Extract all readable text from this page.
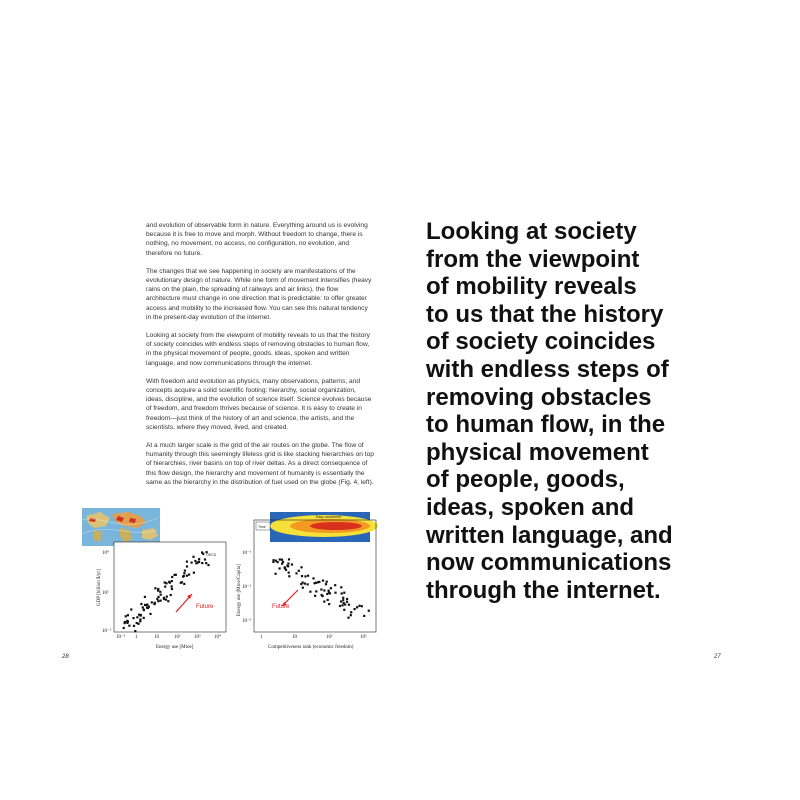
and evolution of observable form in nature. Everything around us is evolving because it is free to move and morph. Without freedom to change, there is nothing, no movement, no access, no configuration, no evolution, and therefore no future.

The changes that we see happening in society are manifestations of the evolutionary design of nature. While one form of movement intensifies (heavy rains on the plain, the spreading of railways and air links), the flow architecture must change in one direction that is predictable: to offer greater access and mobility to the increased flow. You can see this natural tendency in the present-day evolution of the internet.

Looking at society from the viewpoint of mobility reveals to us that the history of society coincides with endless steps of removing obstacles to human flow, in the physical movement of people, goods, ideas, spoken and written language, and now communications through the internet.

With freedom and evolution as physics, many observations, patterns, and concepts acquire a solid scientific footing: hierarchy, social organization, ideas, discipline, and the evolution of science itself. Science evolves because of freedom, and freedom thrives because of science. It is easy to create in freedom—just think of the history of art and science, the artists, and the scientists, where they moved, lived, and created.

At a much larger scale is the grid of the air routes on the globe. The flow of humanity through this seemingly lifeless grid is like stacking hierarchies on top of hierarchies, river basins on top of river deltas. As a direct consequence of this flow design, the hierarchy and movement of humanity is essentially the same as the hierarchy in the distribution of fuel used on the globe (Fig. 4, left).

Future
OECD
10⁻² 1	10	10²	10³	10⁴
10⁴
10²
10⁻¹
Energy use [Mtoe]
GDP [billion $/yr]
Easy movement
Time
Future
1	10	10²	10³
10⁻¹
10⁻²
10⁻³
Competitiveness rank (economic freedom)
Energy use [Mtoe/Capita]
28	27
Looking at society
from the viewpoint
of mobility reveals
to us that the history
of society coincides
with endless steps of
removing obstacles
to human flow, in the
physical movement
of people, goods,
ideas, spoken and
written language, and
now communications
through the internet.
